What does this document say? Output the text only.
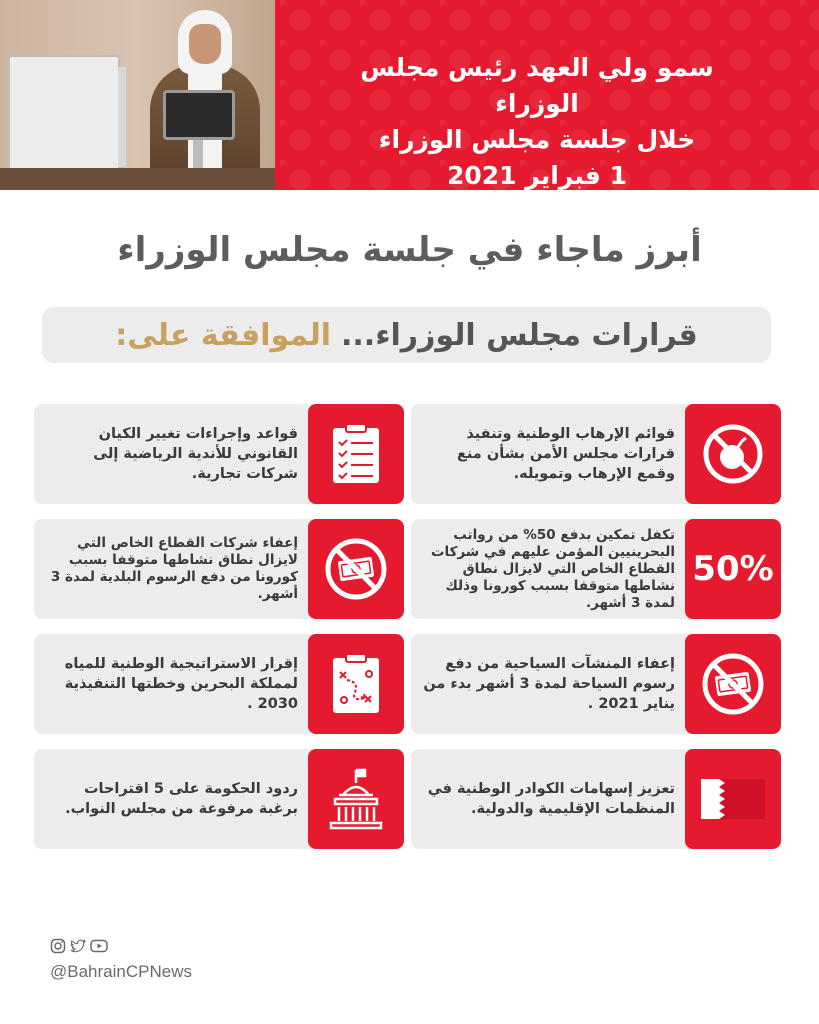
سمو ولي العهد رئيس مجلس الوزراء
خلال جلسة مجلس الوزراء
1 فبراير 2021
أبرز ماجاء في جلسة مجلس الوزراء
قرارات مجلس الوزراء...
الموافقة على:
قوائم الإرهاب الوطنية وتنفيذ قرارات مجلس الأمن بشأن منع وقمع الإرهاب وتمويله.
قواعد وإجراءات تغيير الكيان القانوني للأندية الرياضية إلى شركات تجارية.
50%
تكفل تمكين بدفع 50% من رواتب البحرينيين المؤمن عليهم في شركات القطاع الخاص التي لايزال نطاق نشاطها متوقفا بسبب كورونا وذلك لمدة 3 أشهر.
إعفاء شركات القطاع الخاص التي لايزال نطاق نشاطها متوقفا بسبب كورونا من دفع الرسوم البلدية لمدة 3 أشهر.
إعفاء المنشآت السياحية من دفع رسوم السياحة لمدة 3 أشهر بدء من يناير 2021 .
إقرار الاستراتيجية الوطنية للمياه لمملكة البحرين وخطتها التنفيذية 2030 .
تعزيز إسهامات الكوادر الوطنية في المنظمات الإقليمية والدولية.
ردود الحكومة على 5 اقتراحات برغبة مرفوعة من مجلس النواب.
@BahrainCPNews
